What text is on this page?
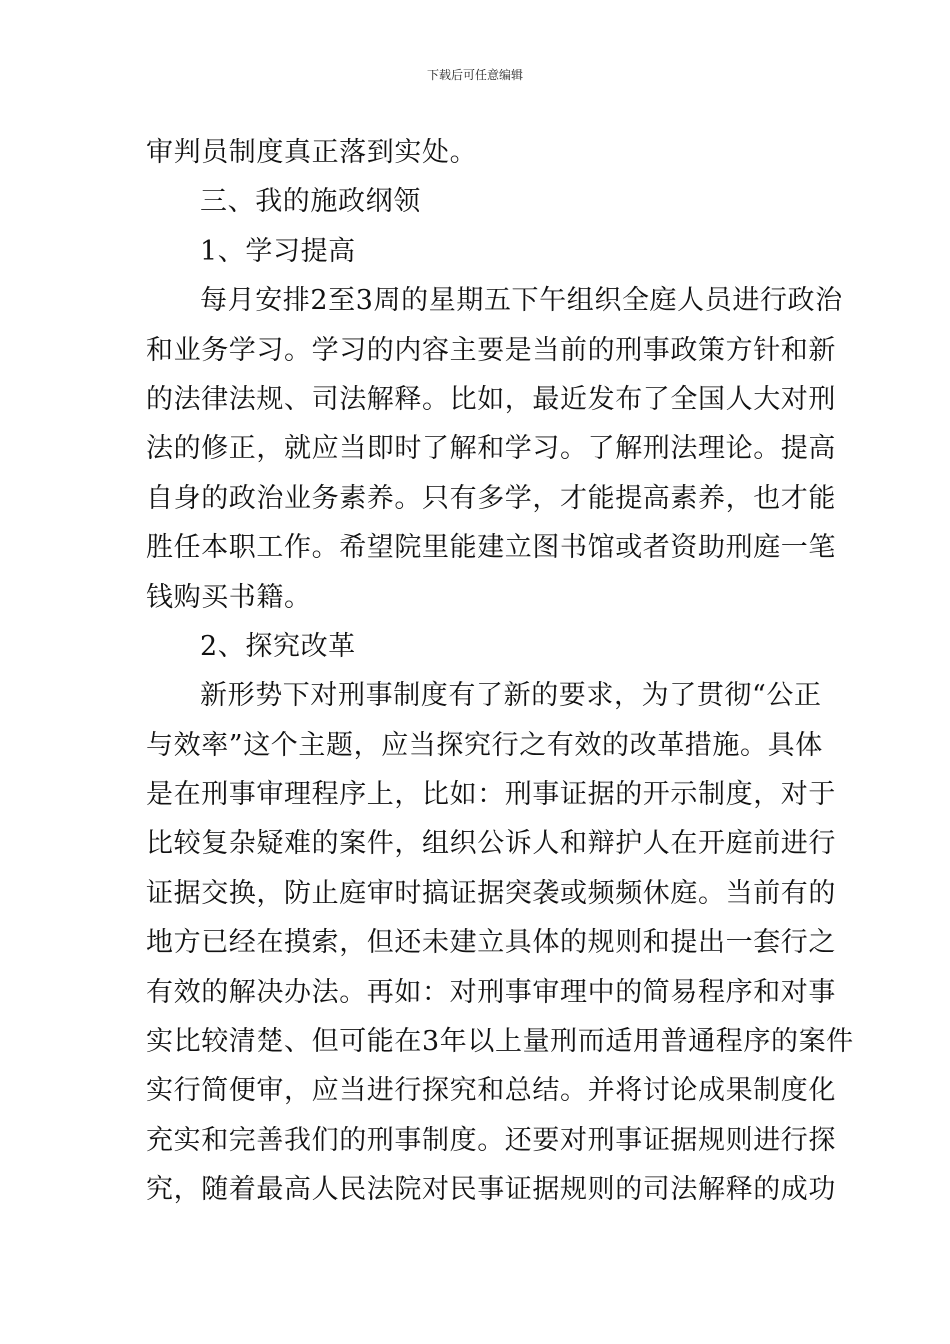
下载后可任意编辑
审判员制度真正落到实处。
三、我的施政纲领
1、学习提高
每月安排2至3周的星期五下午组织全庭人员进行政治
和业务学习。学习的内容主要是当前的刑事政策方针和新
的法律法规、司法解释。比如，最近发布了全国人大对刑
法的修正，就应当即时了解和学习。了解刑法理论。提高
自身的政治业务素养。只有多学，才能提高素养，也才能
胜任本职工作。希望院里能建立图书馆或者资助刑庭一笔
钱购买书籍。
2、探究改革
新形势下对刑事制度有了新的要求，为了贯彻“公正
与效率”这个主题，应当探究行之有效的改革措施。具体
是在刑事审理程序上，比如：刑事证据的开示制度，对于
比较复杂疑难的案件，组织公诉人和辩护人在开庭前进行
证据交换，防止庭审时搞证据突袭或频频休庭。当前有的
地方已经在摸索，但还未建立具体的规则和提出一套行之
有效的解决办法。再如：对刑事审理中的简易程序和对事
实比较清楚、但可能在3年以上量刑而适用普通程序的案件
实行简便审，应当进行探究和总结。并将讨论成果制度化
充实和完善我们的刑事制度。还要对刑事证据规则进行探
究，随着最高人民法院对民事证据规则的司法解释的成功
